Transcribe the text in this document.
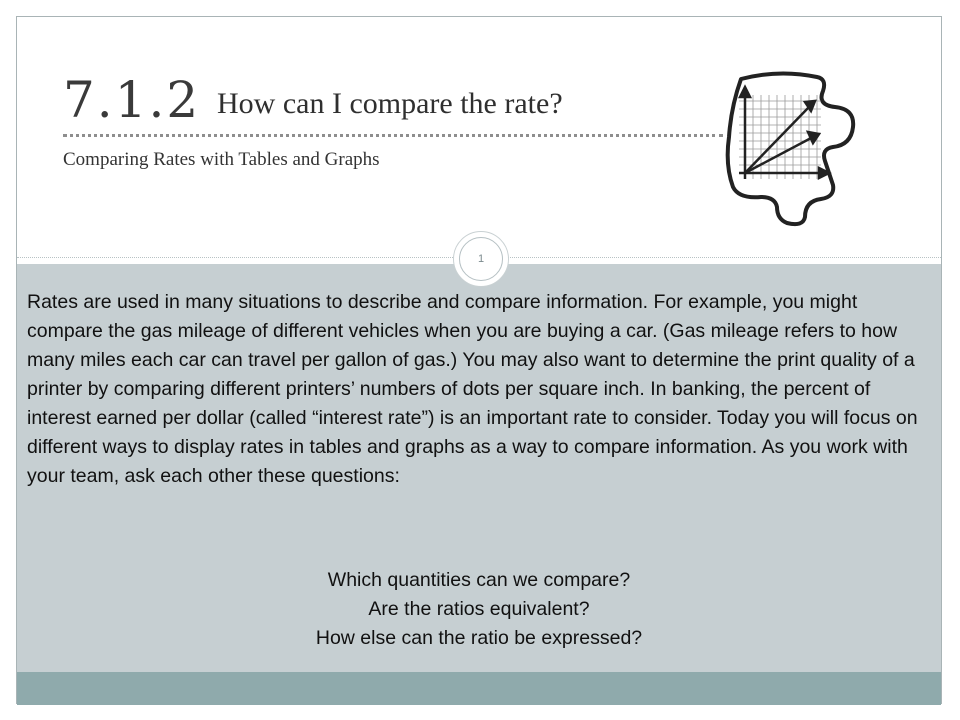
7.1.2 How can I compare the rate?
Comparing Rates with Tables and Graphs
1

Rates are used in many situations to describe and compare information. For example, you might compare the gas mileage of different vehicles when you are buying a car. (Gas mileage refers to how many miles each car can travel per gallon of gas.) You may also want to determine the print quality of a printer by comparing different printers’ numbers of dots per square inch. In banking, the percent of interest earned per dollar (called “interest rate”) is an important rate to consider. Today you will focus on different ways to display rates in tables and graphs as a way to compare information. As you work with your team, ask each other these questions:

Which quantities can we compare?
Are the ratios equivalent?
How else can the ratio be expressed?
